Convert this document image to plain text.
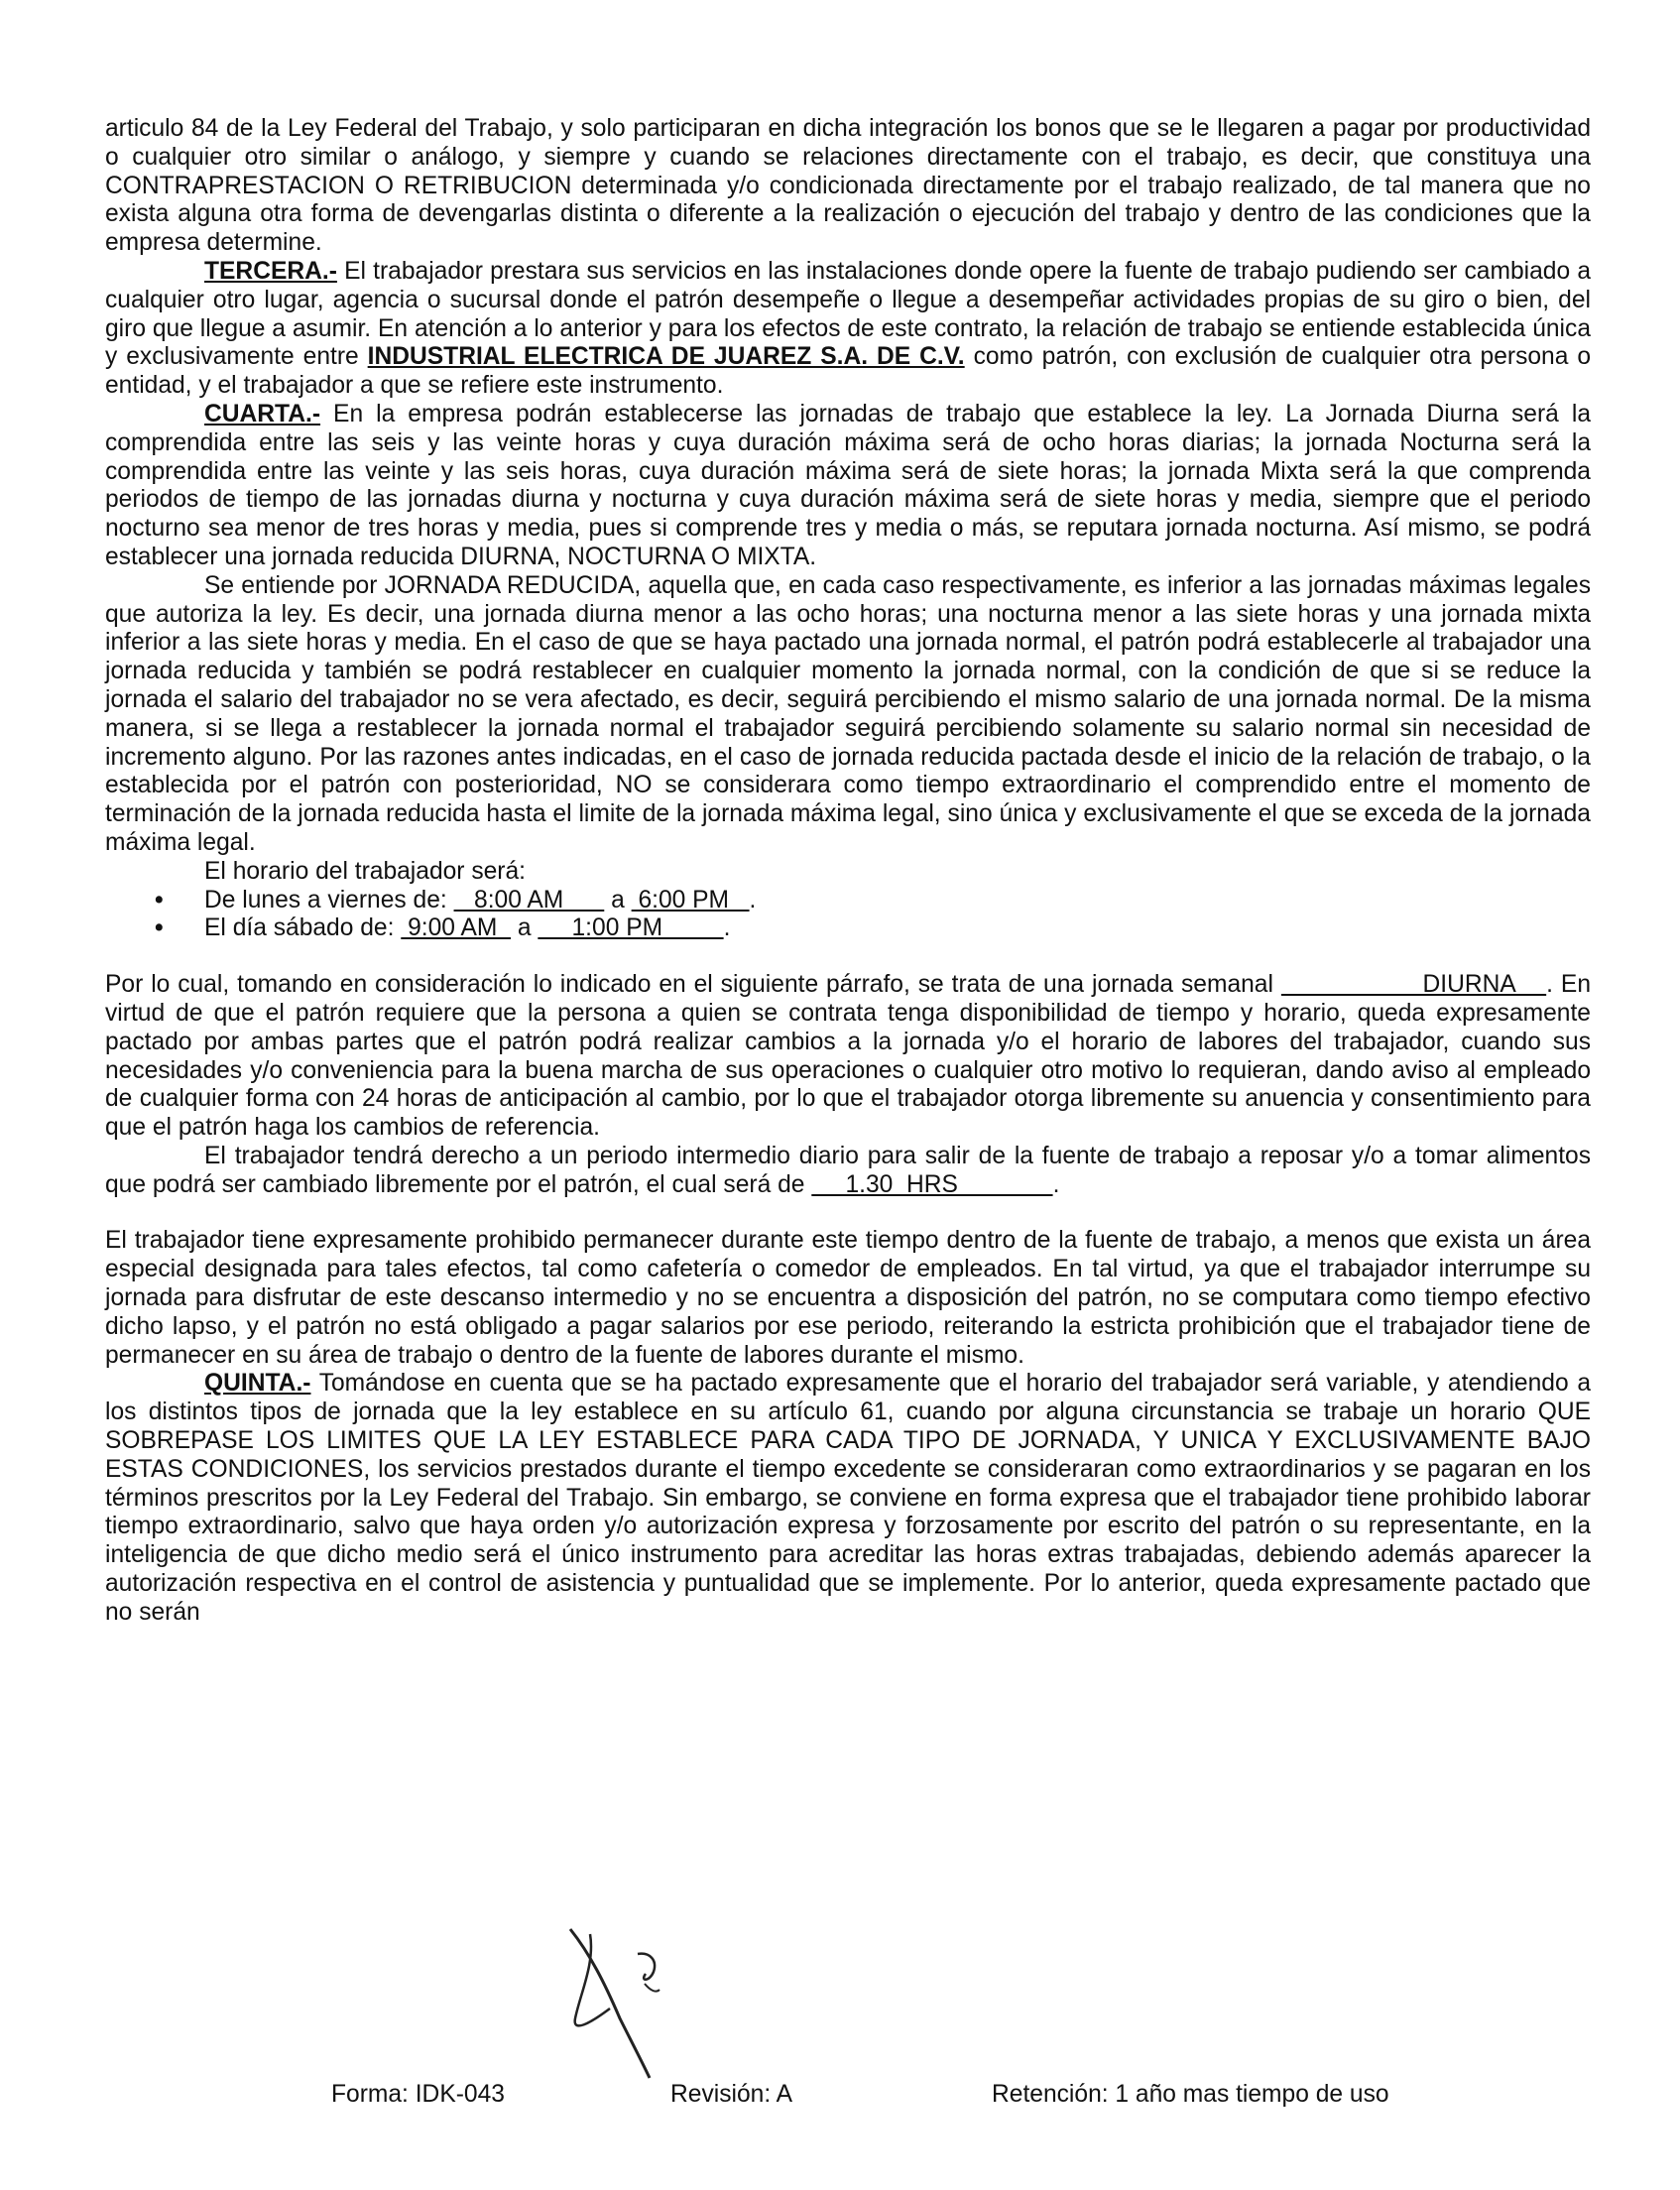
articulo 84 de la Ley Federal del Trabajo, y solo participaran en dicha integración los bonos que se le llegaren a pagar por productividad o cualquier otro similar o análogo, y siempre y cuando se relaciones directamente con el trabajo, es decir, que constituya una CONTRAPRESTACION O RETRIBUCION determinada y/o condicionada directamente por el trabajo realizado, de tal manera que no exista alguna otra forma de devengarlas distinta o diferente a la realización o ejecución del trabajo y dentro de las condiciones que la empresa determine.

TERCERA.- El trabajador prestara sus servicios en las instalaciones donde opere la fuente de trabajo pudiendo ser cambiado a cualquier otro lugar, agencia o sucursal donde el patrón desempeñe o llegue a desempeñar actividades propias de su giro o bien, del giro que llegue a asumir. En atención a lo anterior y para los efectos de este contrato, la relación de trabajo se entiende establecida única y exclusivamente entre INDUSTRIAL ELECTRICA DE JUAREZ S.A. DE C.V. como patrón, con exclusión de cualquier otra persona o entidad, y el trabajador a que se refiere este instrumento.

CUARTA.- En la empresa podrán establecerse las jornadas de trabajo que establece la ley. La Jornada Diurna será la comprendida entre las seis y las veinte horas y cuya duración máxima será de ocho horas diarias; la jornada Nocturna será la comprendida entre las veinte y las seis horas, cuya duración máxima será de siete horas; la jornada Mixta será la que comprenda periodos de tiempo de las jornadas diurna y nocturna y cuya duración máxima será de siete horas y media, siempre que el periodo nocturno sea menor de tres horas y media, pues si comprende tres y media o más, se reputara jornada nocturna. Así mismo, se podrá establecer una jornada reducida DIURNA, NOCTURNA O MIXTA.

Se entiende por JORNADA REDUCIDA, aquella que, en cada caso respectivamente, es inferior a las jornadas máximas legales que autoriza la ley. Es decir, una jornada diurna menor a las ocho horas; una nocturna menor a las siete horas y una jornada mixta inferior a las siete horas y media. En el caso de que se haya pactado una jornada normal, el patrón podrá establecerle al trabajador una jornada reducida y también se podrá restablecer en cualquier momento la jornada normal, con la condición de que si se reduce la jornada el salario del trabajador no se vera afectado, es decir, seguirá percibiendo el mismo salario de una jornada normal. De la misma manera, si se llega a restablecer la jornada normal el trabajador seguirá percibiendo solamente su salario normal sin necesidad de incremento alguno. Por las razones antes indicadas, en el caso de jornada reducida pactada desde el inicio de la relación de trabajo, o la establecida por el patrón con posterioridad, NO se considerara como tiempo extraordinario el comprendido entre el momento de terminación de la jornada reducida hasta el limite de la jornada máxima legal, sino única y exclusivamente el que se exceda de la jornada máxima legal.

El horario del trabajador será:

• De lunes a viernes de:    8:00 AM       a  6:00 PM   .
• El día sábado de:  9:00 AM   a      1:00 PM         .

Por lo cual, tomando en consideración lo indicado en el siguiente párrafo, se trata de una jornada semanal                   DIURNA    . En virtud de que el patrón requiere que la persona a quien se contrata tenga disponibilidad de tiempo y horario, queda expresamente pactado por ambas partes que el patrón podrá realizar cambios a la jornada y/o el horario de labores del trabajador, cuando sus necesidades y/o conveniencia para la buena marcha de sus operaciones o cualquier otro motivo lo requieran, dando aviso al empleado de cualquier forma con 24 horas de anticipación al cambio, por lo que el trabajador otorga libremente su anuencia y consentimiento para que el patrón haga los cambios de referencia.

El trabajador tendrá derecho a un periodo intermedio diario para salir de la fuente de trabajo a reposar y/o a tomar alimentos que podrá ser cambiado libremente por el patrón, el cual será de      1.30  HRS              .

El trabajador tiene expresamente prohibido permanecer durante este tiempo dentro de la fuente de trabajo, a menos que exista un área especial designada para tales efectos, tal como cafetería o comedor de empleados. En tal virtud, ya que el trabajador interrumpe su jornada para disfrutar de este descanso intermedio y no se encuentra a disposición del patrón, no se computara como tiempo efectivo dicho lapso, y el patrón no está obligado a pagar salarios por ese periodo, reiterando la estricta prohibición que el trabajador tiene de permanecer en su área de trabajo o dentro de la fuente de labores durante el mismo.

QUINTA.- Tomándose en cuenta que se ha pactado expresamente que el horario del trabajador será variable, y atendiendo a los distintos tipos de jornada que la ley establece en su artículo 61, cuando por alguna circunstancia se trabaje un horario QUE SOBREPASE LOS LIMITES QUE LA LEY ESTABLECE PARA CADA TIPO DE JORNADA, Y UNICA Y EXCLUSIVAMENTE BAJO ESTAS CONDICIONES, los servicios prestados durante el tiempo excedente se consideraran como extraordinarios y se pagaran en los términos prescritos por la Ley Federal del Trabajo. Sin embargo, se conviene en forma expresa que el trabajador tiene prohibido laborar tiempo extraordinario, salvo que haya orden y/o autorización expresa y forzosamente por escrito del patrón o su representante, en la inteligencia de que dicho medio será el único instrumento para acreditar las horas extras trabajadas, debiendo además aparecer la autorización respectiva en el control de asistencia y puntualidad que se implemente. Por lo anterior, queda expresamente pactado que no serán

Forma: IDK-043	Revisión: A	Retención: 1 año mas tiempo de uso
